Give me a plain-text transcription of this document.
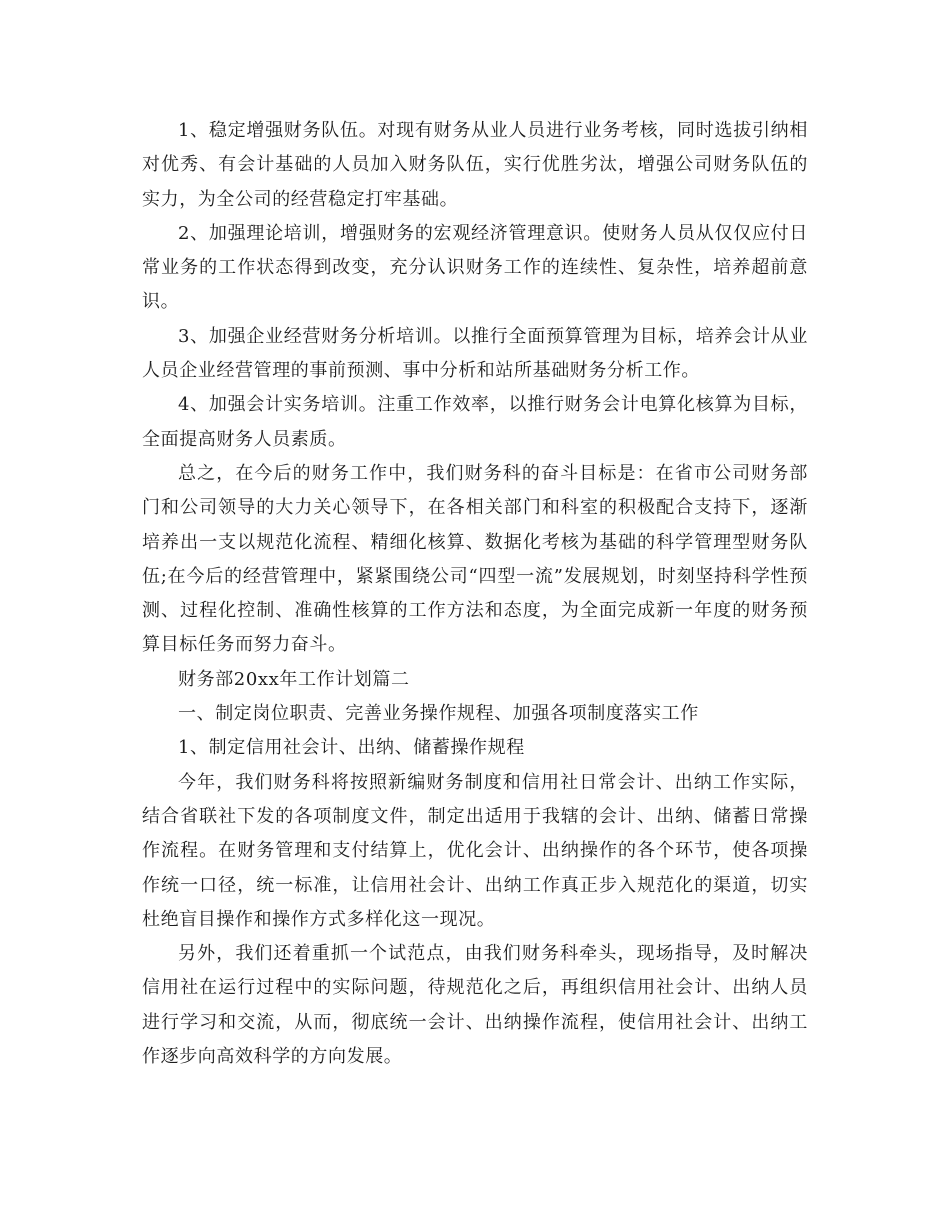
1、稳定增强财务队伍。对现有财务从业人员进行业务考核，同时选拔引纳相对优秀、有会计基础的人员加入财务队伍，实行优胜劣汰，增强公司财务队伍的实力，为全公司的经营稳定打牢基础。

2、加强理论培训，增强财务的宏观经济管理意识。使财务人员从仅仅应付日常业务的工作状态得到改变，充分认识财务工作的连续性、复杂性，培养超前意识。

3、加强企业经营财务分析培训。以推行全面预算管理为目标，培养会计从业人员企业经营管理的事前预测、事中分析和站所基础财务分析工作。

4、加强会计实务培训。注重工作效率，以推行财务会计电算化核算为目标，全面提高财务人员素质。

总之，在今后的财务工作中，我们财务科的奋斗目标是：在省市公司财务部门和公司领导的大力关心领导下，在各相关部门和科室的积极配合支持下，逐渐培养出一支以规范化流程、精细化核算、数据化考核为基础的科学管理型财务队伍;在今后的经营管理中，紧紧围绕公司“四型一流”发展规划，时刻坚持科学性预测、过程化控制、准确性核算的工作方法和态度，为全面完成新一年度的财务预算目标任务而努力奋斗。

财务部20xx年工作计划篇二

一、制定岗位职责、完善业务操作规程、加强各项制度落实工作

1、制定信用社会计、出纳、储蓄操作规程

今年，我们财务科将按照新编财务制度和信用社日常会计、出纳工作实际，结合省联社下发的各项制度文件，制定出适用于我辖的会计、出纳、储蓄日常操作流程。在财务管理和支付结算上，优化会计、出纳操作的各个环节，使各项操作统一口径，统一标准，让信用社会计、出纳工作真正步入规范化的渠道，切实杜绝盲目操作和操作方式多样化这一现况。

另外，我们还着重抓一个试范点，由我们财务科牵头，现场指导，及时解决信用社在运行过程中的实际问题，待规范化之后，再组织信用社会计、出纳人员进行学习和交流，从而，彻底统一会计、出纳操作流程，使信用社会计、出纳工作逐步向高效科学的方向发展。
